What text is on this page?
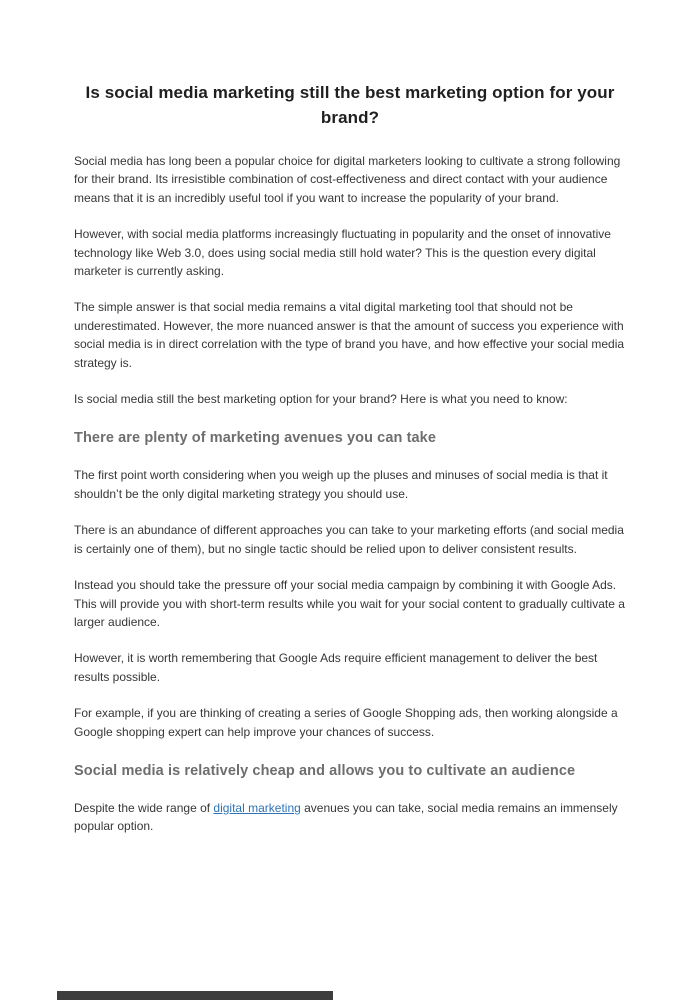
Is social media marketing still the best marketing option for your brand?

Social media has long been a popular choice for digital marketers looking to cultivate a strong following for their brand. Its irresistible combination of cost-effectiveness and direct contact with your audience means that it is an incredibly useful tool if you want to increase the popularity of your brand.

However, with social media platforms increasingly fluctuating in popularity and the onset of innovative technology like Web 3.0, does using social media still hold water? This is the question every digital marketer is currently asking.

The simple answer is that social media remains a vital digital marketing tool that should not be underestimated. However, the more nuanced answer is that the amount of success you experience with social media is in direct correlation with the type of brand you have, and how effective your social media strategy is.

Is social media still the best marketing option for your brand? Here is what you need to know:

There are plenty of marketing avenues you can take

The first point worth considering when you weigh up the pluses and minuses of social media is that it shouldn’t be the only digital marketing strategy you should use.

There is an abundance of different approaches you can take to your marketing efforts (and social media is certainly one of them), but no single tactic should be relied upon to deliver consistent results.

Instead you should take the pressure off your social media campaign by combining it with Google Ads. This will provide you with short-term results while you wait for your social content to gradually cultivate a larger audience.

However, it is worth remembering that Google Ads require efficient management to deliver the best results possible.

For example, if you are thinking of creating a series of Google Shopping ads, then working alongside a Google shopping expert can help improve your chances of success.

Social media is relatively cheap and allows you to cultivate an audience

Despite the wide range of digital marketing avenues you can take, social media remains an immensely popular option.
